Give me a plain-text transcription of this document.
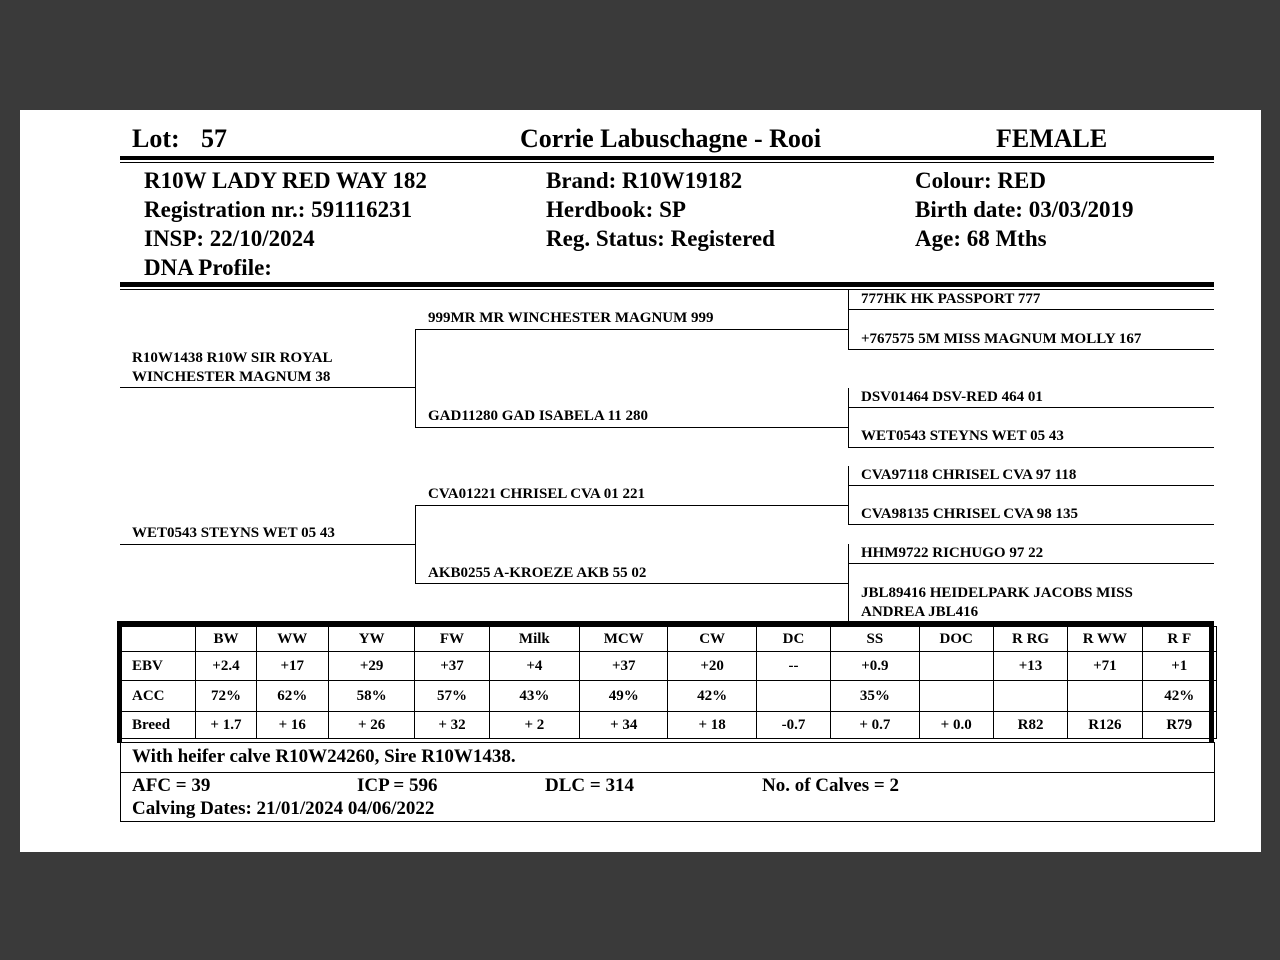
Lot: 57	Corrie Labuschagne - Rooi	FEMALE
R10W LADY RED WAY 182
Registration nr.: 591116231
INSP: 22/10/2024
DNA Profile:
Brand: R10W19182
Herdbook: SP
Reg. Status: Registered
Colour: RED
Birth date: 03/03/2019
Age: 68 Mths
R10W1438 R10W SIR ROYAL
WINCHESTER MAGNUM 38
WET0543 STEYNS WET 05 43
999MR MR WINCHESTER MAGNUM 999
GAD11280 GAD ISABELA 11 280
CVA01221 CHRISEL CVA 01 221
AKB0255 A-KROEZE AKB 55 02
777HK HK PASSPORT 777
+767575 5M MISS MAGNUM MOLLY 167
DSV01464 DSV-RED 464 01
WET0543 STEYNS WET 05 43
CVA97118 CHRISEL CVA 97 118
CVA98135 CHRISEL CVA 98 135
HHM9722 RICHUGO 97 22
JBL89416 HEIDELPARK JACOBS MISS
ANDREA JBL416
	BW	WW	YW	FW	Milk	MCW	CW	DC	SS	DOC	R RG	R WW	R F
EBV	+2.4	+17	+29	+37	+4	+37	+20	--	+0.9		+13	+71	+1
ACC	72%	62%	58%	57%	43%	49%	42%		35%				42%
Breed	+ 1.7	+ 16	+ 26	+ 32	+ 2	+ 34	+ 18	-0.7	+ 0.7	+ 0.0	R82	R126	R79
With heifer calve R10W24260, Sire R10W1438.
AFC = 39	ICP = 596	DLC = 314	No. of Calves = 2
Calving Dates: 21/01/2024 04/06/2022
